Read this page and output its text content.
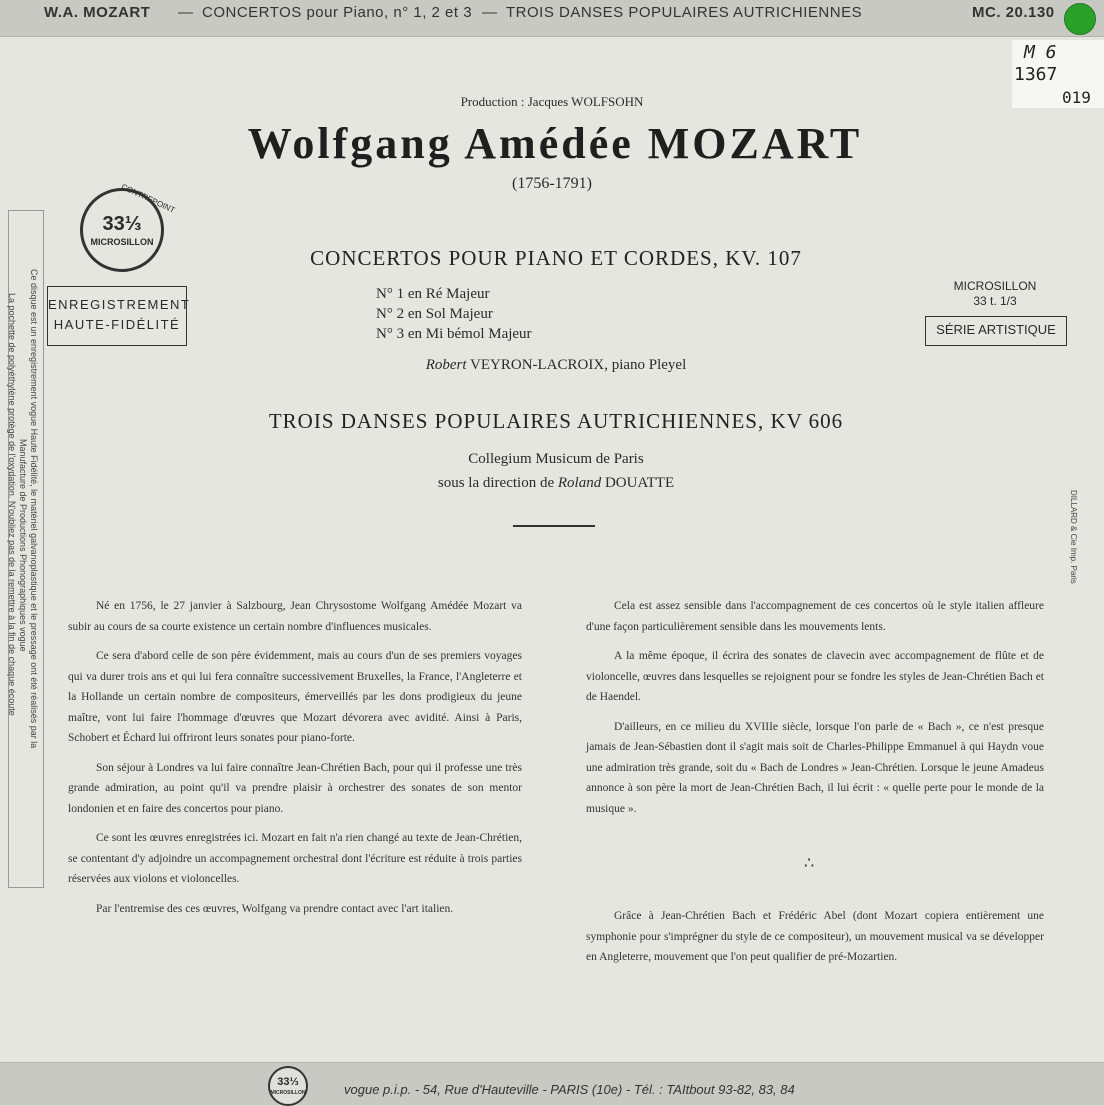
W.A. MOZART — CONCERTOS pour Piano, n° 1, 2 et 3 — TROIS DANSES POPULAIRES AUTRICHIENNES	MC. 20.130
M 6
1367
019
Production : Jacques WOLFSOHN
Wolfgang Amédée MOZART
(1756-1791)
CONTREPOINT
33⅓
MICROSILLON
ENREGISTREMENT
HAUTE-FIDÉLITÉ
MICROSILLON
33 t. 1/3
SÉRIE ARTISTIQUE
Ce disque est un enregistrement vogue Haute Fidélité, le matériel galvanoplastique et le pressage ont été réalisés par la
Manufacture de Productions Phonographiques vogue
La pochette de polyéthylène protège de l'oxydation. N'oubliez pas de la remettre à la fin de chaque écoute	DILLARD & Cie Imp. Paris
CONCERTOS POUR PIANO ET CORDES, KV. 107
N° 1 en Ré Majeur
N° 2 en Sol Majeur
N° 3 en Mi bémol Majeur
Robert VEYRON-LACROIX, piano Pleyel
TROIS DANSES POPULAIRES AUTRICHIENNES, KV 606
Collegium Musicum de Paris
sous la direction de Roland DOUATTE

Né en 1756, le 27 janvier à Salzbourg, Jean Chrysostome Wolfgang Amédée Mozart va subir au cours de sa courte existence un certain nombre d'influences musicales.

Ce sera d'abord celle de son père évidemment, mais au cours d'un de ses premiers voyages qui va durer trois ans et qui lui fera connaître successivement Bruxelles, la France, l'Angleterre et la Hollande un certain nombre de compositeurs, émerveillés par les dons prodigieux du jeune maître, vont lui faire l'hommage d'œuvres que Mozart dévorera avec avidité. Ainsi à Paris, Schobert et Échard lui offriront leurs sonates pour piano-forte.

Son séjour à Londres va lui faire connaître Jean-Chrétien Bach, pour qui il professe une très grande admiration, au point qu'il va prendre plaisir à orchestrer des sonates de son mentor londonien et en faire des concertos pour piano.

Ce sont les œuvres enregistrées ici. Mozart en fait n'a rien changé au texte de Jean-Chrétien, se contentant d'y adjoindre un accompagnement orchestral dont l'écriture est réduite à trois parties réservées aux violons et violoncelles.

Par l'entremise des ces œuvres, Wolfgang va prendre contact avec l'art italien.

Cela est assez sensible dans l'accompagnement de ces concertos où le style italien affleure d'une façon particulièrement sensible dans les mouvements lents.

A la même époque, il écrira des sonates de clavecin avec accompagnement de flûte et de violoncelle, œuvres dans lesquelles se rejoignent pour se fondre les styles de Jean-Chrétien Bach et de Haendel.

D'ailleurs, en ce milieu du XVIIIe siècle, lorsque l'on parle de « Bach », ce n'est presque jamais de Jean-Sébastien dont il s'agit mais soit de Charles-Philippe Emmanuel à qui Haydn voue une admiration très grande, soit du « Bach de Londres » Jean-Chrétien. Lorsque le jeune Amadeus annonce à son père la mort de Jean-Chrétien Bach, il lui écrit : « quelle perte pour le monde de la musique ».

∴

Grâce à Jean-Chrétien Bach et Frédéric Abel (dont Mozart copiera entièrement une symphonie pour s'imprégner du style de ce compositeur), un mouvement musical va se développer en Angleterre, mouvement que l'on peut qualifier de pré-Mozartien.

33⅓
MICROSILLON	vogue p.i.p. - 54, Rue d'Hauteville - PARIS (10e) - Tél. : TAItbout 93-82, 83, 84
